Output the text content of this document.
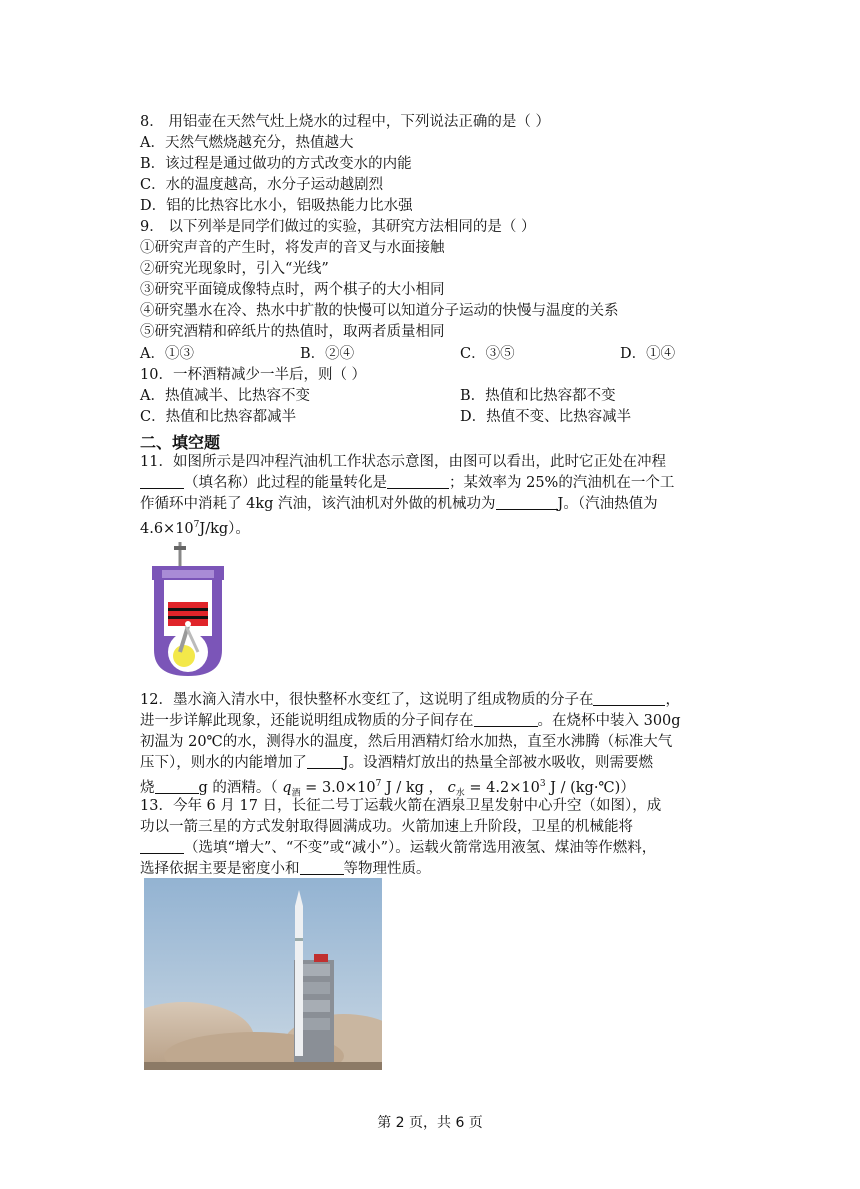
8． 用铝壶在天然气灶上烧水的过程中，下列说法正确的是（ ）
A．天然气燃烧越充分，热值越大
B．该过程是通过做功的方式改变水的内能
C．水的温度越高，水分子运动越剧烈
D．铝的比热容比水小，铝吸热能力比水强
9． 以下列举是同学们做过的实验，其研究方法相同的是（ ）
①研究声音的产生时，将发声的音叉与水面接触
②研究光现象时，引入“光线”
③研究平面镜成像特点时，两个棋子的大小相同
④研究墨水在冷、热水中扩散的快慢可以知道分子运动的快慢与温度的关系
⑤研究酒精和碎纸片的热值时，取两者质量相同
A．①③	B．②④	C．③⑤	D．①④
10．一杯酒精减少一半后，则（ ）
A．热值减半、比热容不变	B．热值和比热容都不变
C．热值和比热容都减半	D．热值不变、比热容减半
二、填空题
11．如图所示是四冲程汽油机工作状态示意图，由图可以看出，此时它正处在冲程
（填名称）此过程的能量转化是	；某效率为 25%的汽油机在一个工
作循环中消耗了 4kg 汽油，该汽油机对外做的机械功为	J。（汽油热值为
$4.6\times 10^7J/kg$）。
12．墨水滴入清水中，很快整杯水变红了，这说明了组成物质的分子在	，
进一步详解此现象，还能说明组成物质的分子间存在	。在烧杯中装入 300g
初温为 20℃的水，测得水的温度，然后用酒精灯给水加热，直至水沸腾（标准大气
压下），则水的内能增加了 J。设酒精灯放出的热量全部被水吸收，则需要燃
烧	g 的酒精。（ $q_酒 = 3.0\times 10^7$ J / kg ， $c_水 = 4.2\times 10^3$ J / (kg·℃)）
13．今年 6 月 17 日，长征二号丁运载火箭在酒泉卫星发射中心升空（如图），成
功以一箭三星的方式发射取得圆满成功。火箭加速上升阶段，卫星的机械能将
（选填“增大”、“不变”或“减小”）。运载火箭常选用液氢、煤油等作燃料，
选择依据主要是密度小和	等物理性质。
第 2 页，共 6 页
